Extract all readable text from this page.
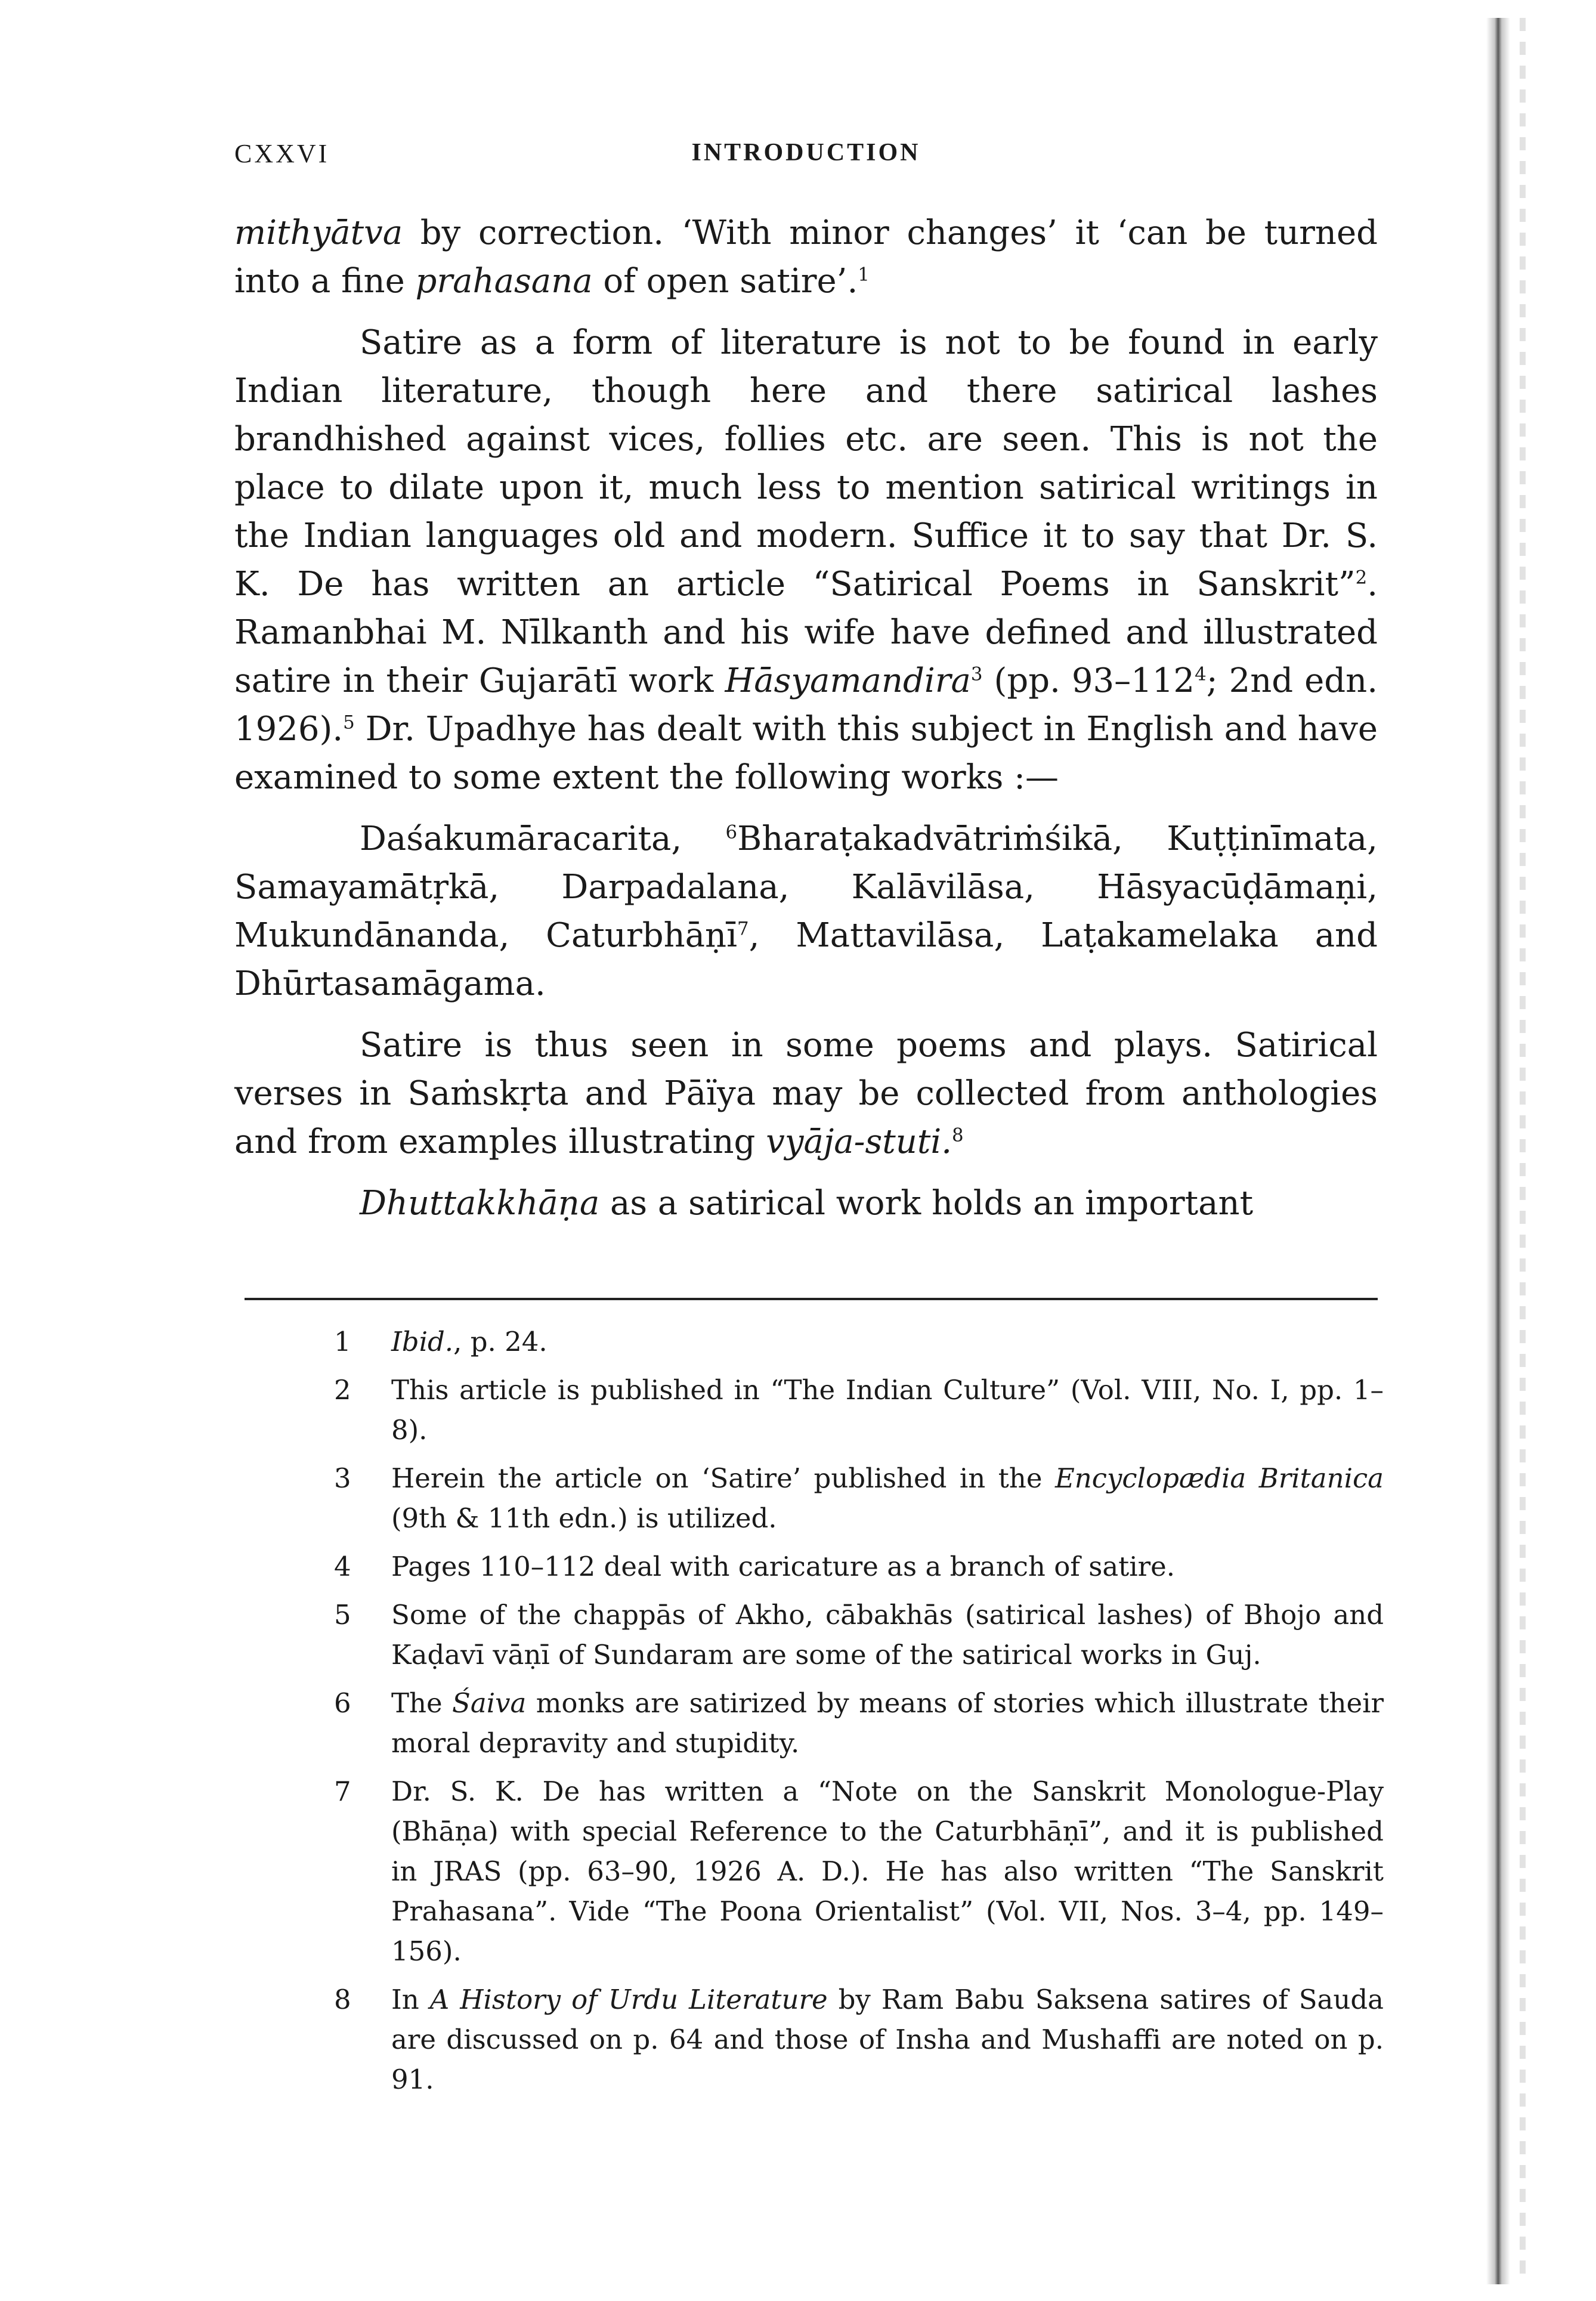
CXXVI	INTRODUCTION

mithyātva by correction. ‘With minor changes’ it ‘can be turned into a fine prahasana of open satire’.$^1$

Satire as a form of literature is not to be found in early Indian literature, though here and there satirical lashes brandhished against vices, follies etc. are seen. This is not the place to dilate upon it, much less to mention satirical writings in the Indian languages old and modern. Suffice it to say that Dr. S. K. De has written an article “Satirical Poems in Sanskrit”$^2$. Ramanbhai M. Nīlkanth and his wife have defined and illustrated satire in their Gujarātī work Hāsyamandira$^3$ (pp. $93-112^4$; 2nd edn. 1926).$^5$ Dr. Upadhye has dealt with this subject in English and have examined to some extent the following works :—

Daśakumāracarita, $^6$Bharaṭakadvātriṁśikā, Kuṭṭinīmata, Samayamātṛkā, Darpadalana, Kalāvilāsa, Hāsyacūḍāmaṇi, Mukundānanda, Caturbhāṇī$^7$, Mattavilāsa, Laṭakamelaka and Dhūrtasamāgama.

Satire is thus seen in some poems and plays. Satirical verses in Saṁskṛta and Pāïya may be collected from anthologies and from examples illustrating vyāja-stuti.$^8$

Dhuttakkhāṇa as a satirical work holds an important

1	Ibid., p. 24.
2	This article is published in “The Indian Culture” (Vol. VIII, No. I, pp. 1–8).
3	Herein the article on ‘Satire’ published in the Encyclopædia Britanica (9th & 11th edn.) is utilized.
4	Pages 110–112 deal with caricature as a branch of satire.
5	Some of the chappās of Akho, cābakhās (satirical lashes) of Bhojo and Kaḍavī vāṇī of Sundaram are some of the satirical works in Guj.
6	The Śaiva monks are satirized by means of stories which illustrate their moral depravity and stupidity.
7	Dr. S. K. De has written a “Note on the Sanskrit Monologue-Play (Bhāṇa) with special Reference to the Caturbhāṇī”, and it is published in JRAS (pp. 63–90, 1926 A. D.). He has also written “The Sanskrit Prahasana”. Vide “The Poona Orientalist” (Vol. VII, Nos. 3–4, pp. 149–156).
8	In A History of Urdu Literature by Ram Babu Saksena satires of Sauda are discussed on p. 64 and those of Insha and Mushaffi are noted on p. 91.
